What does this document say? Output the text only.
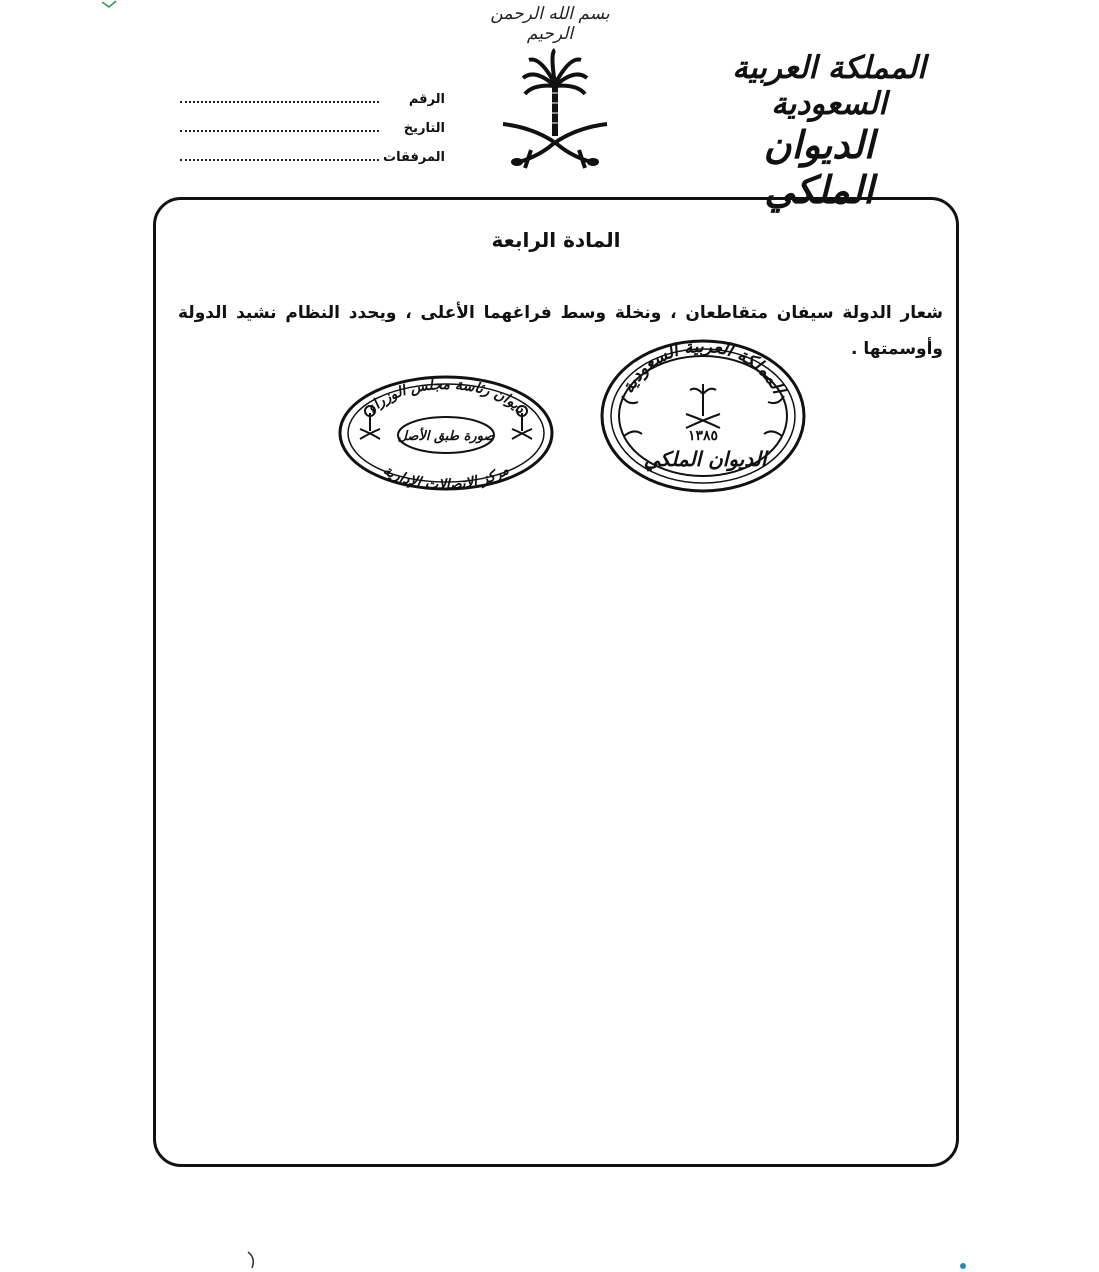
بسم الله الرحمن الرحيم
المملكة العربية السعودية
الديوان الملكي
الرقم
التاريخ
المرفقات
المادة الرابعة
شعار الدولة سيفان متقاطعان ، ونخلة وسط فراغهما الأعلى ، ويحدد النظام نشيد الدولة وأوسمتها .
المملكة العربية السعودية
١٣٨٥
الديوان الملكي
ديوان رئاسة مجلس الوزراء
صورة طبق الأصل
مركز الاتصالات الإدارية
